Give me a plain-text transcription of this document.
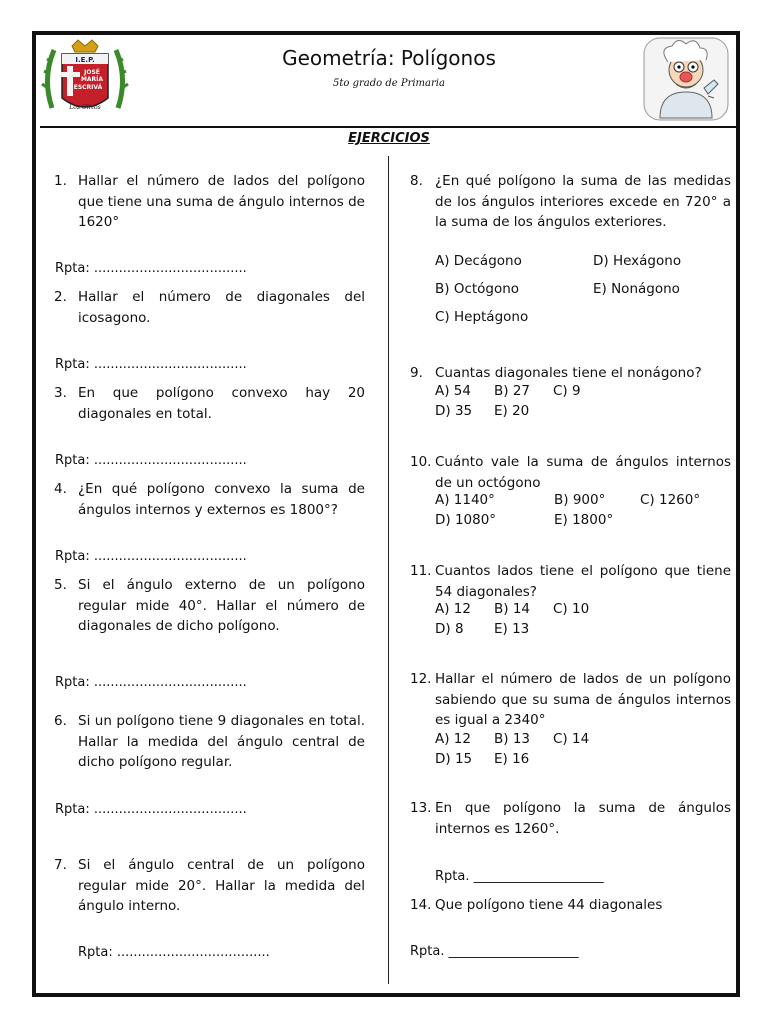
I.E.P.
JOSÉ
MARÍA
ESCRIVÁ
Los Olivos
Geometría: Polígonos
5to grado de Primaria
EJERCICIOS
1. Hallar el número de lados del polígono que tiene una suma de ángulo internos de 1620°
Rpta: .....................................
2. Hallar el número de diagonales del icosagono.
Rpta: .....................................
3. En que polígono convexo hay 20 diagonales en total.
Rpta: .....................................
4. ¿En qué polígono convexo la suma de ángulos internos y externos es 1800°?
Rpta: .....................................
5. Si el ángulo externo de un polígono regular mide 40°. Hallar el número de diagonales de dicho polígono.
Rpta: .....................................
6. Si un polígono tiene 9 diagonales en total. Hallar la medida del ángulo central de dicho polígono regular.
Rpta: .....................................
7. Si el ángulo central de un polígono regular mide 20°. Hallar la medida del ángulo interno.
Rpta: .....................................
8. ¿En qué polígono la suma de las medidas de los ángulos interiores excede en 720° a la suma de los ángulos exteriores.
A) Decágono	D) Hexágono
B) Octógono	E) Nonágono
C) Heptágono
9. Cuantas diagonales tiene el nonágono?
A) 54 B) 27 C) 9
D) 35 E) 20
10. Cuánto vale la suma de ángulos internos de un octógono
A) 1140°	B) 900°	C) 1260°
D) 1080°	E) 1800°
11. Cuantos lados tiene el polígono que tiene 54 diagonales?
A) 12 B) 14 C) 10
D) 8 E) 13
12. Hallar el número de lados de un polígono sabiendo que su suma de ángulos internos es igual a 2340°
A) 12 B) 13 C) 14
D) 15 E) 16
13. En que polígono la suma de ángulos internos es 1260°.
Rpta. ____________________
14. Que polígono tiene 44 diagonales
Rpta. ____________________
